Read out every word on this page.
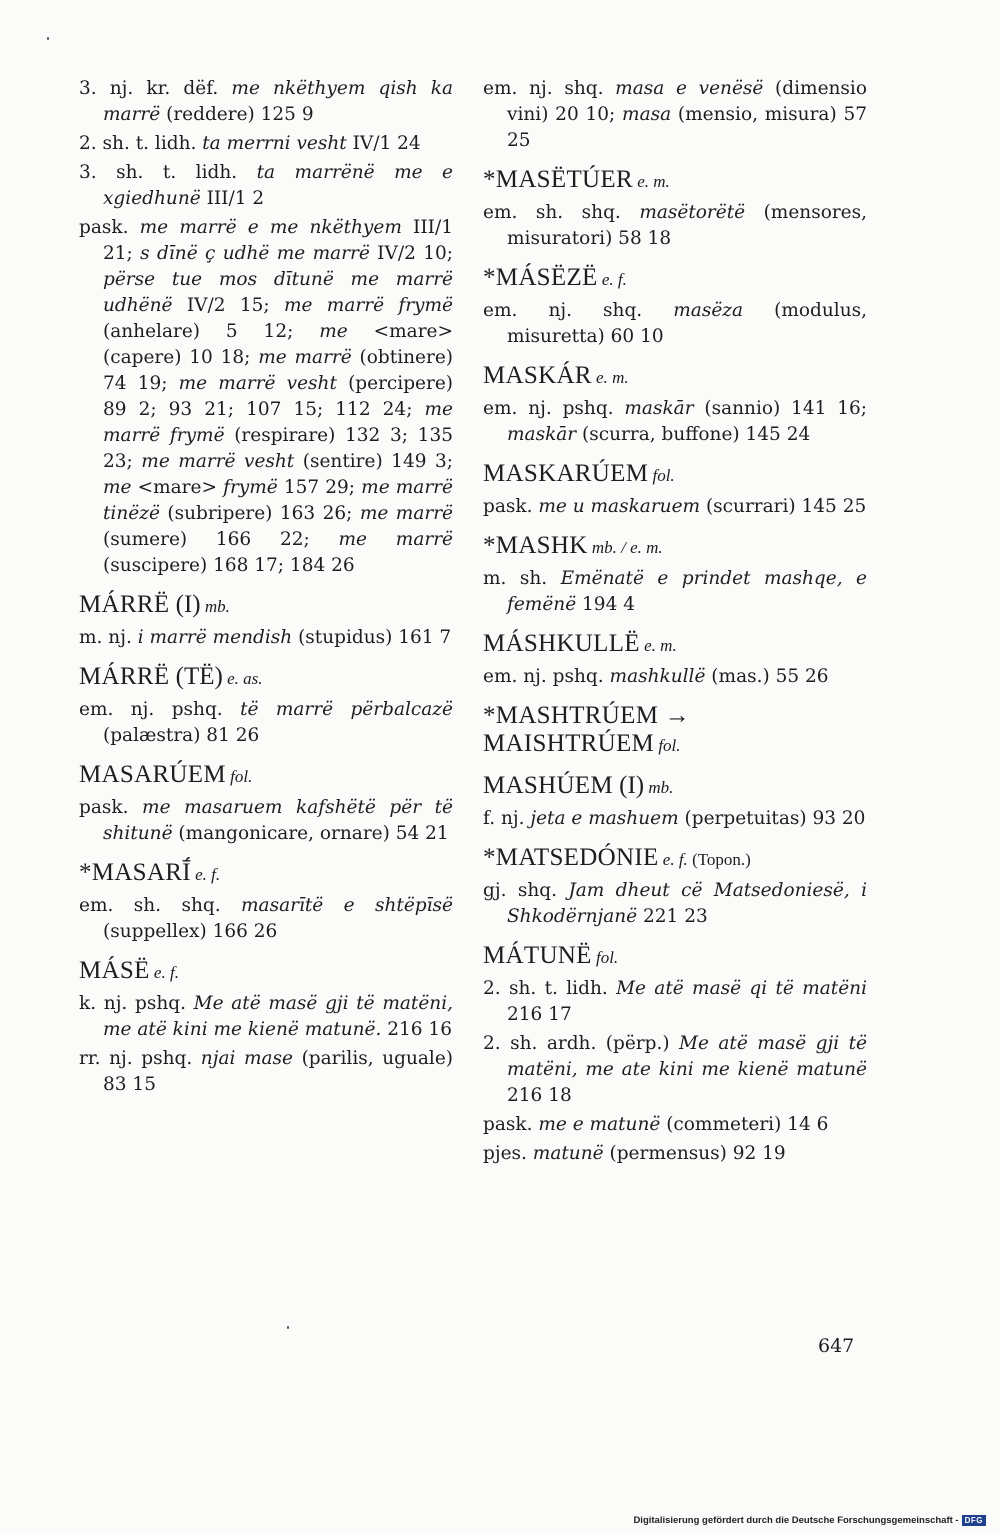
3. nj. kr. dëf. me nkëthyem qish ka marrë (reddere) 125 9

2. sh. t. lidh. ta merrni vesht IV/1 24

3. sh. t. lidh. ta marrënë me e xgiedhunë III/1 2

pask. me marrë e me nkëthyem III/1 21; s dīnë ç udhë me marrë IV/2 10; përse tue mos dītunë me marrë udhënë IV/2 15; me marrë frymë (anhelare) 5 12; me <mare> (capere) 10 18; me marrë (obtinere) 74 19; me marrë vesht (percipere) 89 2; 93 21; 107 15; 112 24; me marrë frymë (respirare) 132 3; 135 23; me marrë vesht (sentire) 149 3; me <mare> frymë 157 29; me marrë tinëzë (subripere) 163 26; me marrë (sumere) 166 22; me marrë (suscipere) 168 17; 184 26

MÁRRË (I) mb.

m. nj. i marrë mendish (stupidus) 161 7

MÁRRË (TË) e. as.

em. nj. pshq. të marrë përbalcazë (palæstra) 81 26

MASARÚEM fol.

pask. me masaruem kafshëtë për të shitunë (mangonicare, ornare) 54 21

*MASARĪ́ e. f.

em. sh. shq. masarītë e shtëpīsë (suppellex) 166 26

MÁSË e. f.

k. nj. pshq. Me atë masë gji të matëni, me atë kini me kienë matunë. 216 16

rr. nj. pshq. njai mase (parilis, uguale) 83 15

em. nj. shq. masa e venësë (dimensio vini) 20 10; masa (mensio, misura) 57 25

*MASËTÚER e. m.

em. sh. shq. masëtorëtë (mensores, misuratori) 58 18

*MÁSËZË e. f.

em. nj. shq. masëza (modulus, misuretta) 60 10

MASKÁR e. m.

em. nj. pshq. maskār (sannio) 141 16; maskār (scurra, buffone) 145 24

MASKARÚEM fol.

pask. me u maskaruem (scurrari) 145 25

*MASHK mb. / e. m.

m. sh. Emënatë e prindet mashqe, e femënë 194 4

MÁSHKULLË e. m.

em. nj. pshq. mashkullë (mas.) 55 26

*MASHTRÚEM → MAISHTRÚEM fol.
MASHÚEM (I) mb.

f. nj. jeta e mashuem (perpetuitas) 93 20

*MATSEDÓNIE e. f. (Topon.)

gj. shq. Jam dheut cë Matsedoniesë, i Shkodërnjanë 221 23

MÁTUNË fol.

2. sh. t. lidh. Me atë masë qi të matëni 216 17

2. sh. ardh. (përp.) Me atë masë gji të matëni, me ate kini me kienë matunë 216 18

pask. me e matunë (commeteri) 14 6

pjes. matunë (permensus) 92 19

647
Digitalisierung gefördert durch die Deutsche Forschungsgemeinschaft - DFG
